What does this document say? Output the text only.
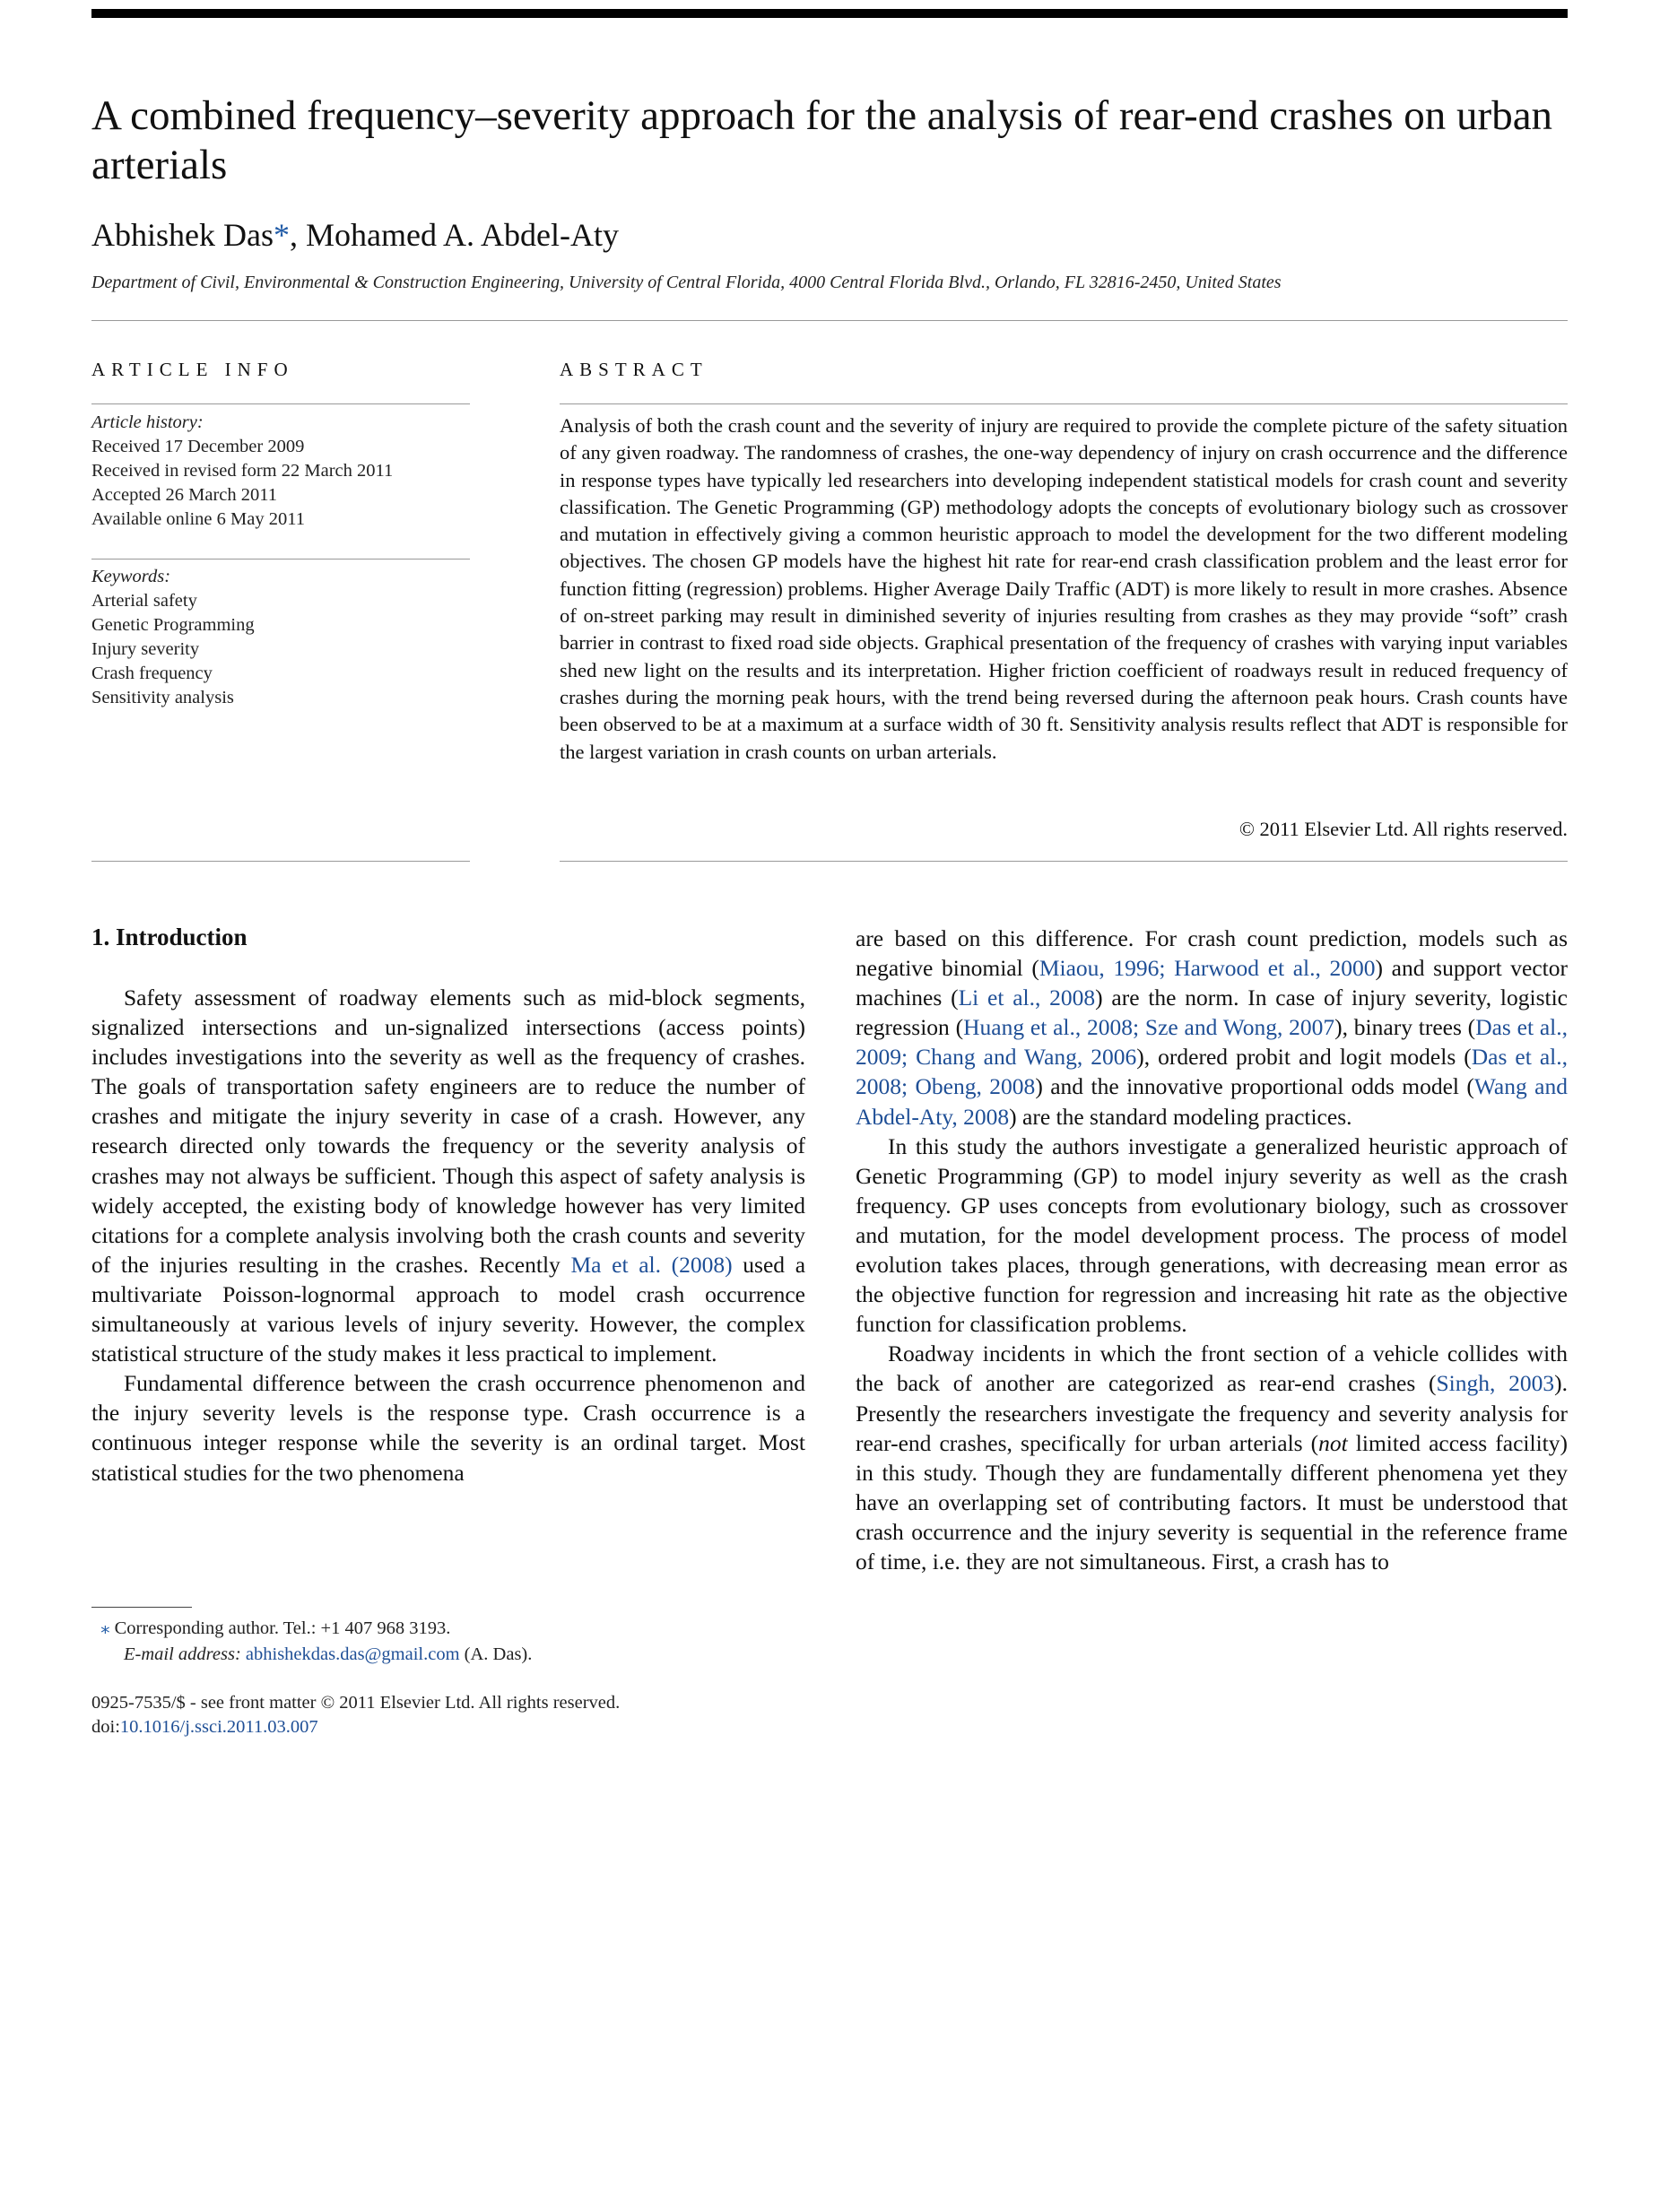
A combined frequency–severity approach for the analysis of rear-end crashes on urban arterials
Abhishek Das*, Mohamed A. Abdel-Aty
Department of Civil, Environmental & Construction Engineering, University of Central Florida, 4000 Central Florida Blvd., Orlando, FL 32816-2450, United States
ARTICLE INFO
Article history:
Received 17 December 2009
Received in revised form 22 March 2011
Accepted 26 March 2011
Available online 6 May 2011
Keywords:
Arterial safety
Genetic Programming
Injury severity
Crash frequency
Sensitivity analysis
ABSTRACT
Analysis of both the crash count and the severity of injury are required to provide the complete picture of the safety situation of any given roadway. The randomness of crashes, the one-way dependency of injury on crash occurrence and the difference in response types have typically led researchers into developing independent statistical models for crash count and severity classification. The Genetic Programming (GP) methodology adopts the concepts of evolutionary biology such as crossover and mutation in effectively giving a common heuristic approach to model the development for the two different modeling objectives. The chosen GP models have the highest hit rate for rear-end crash classification problem and the least error for function fitting (regression) problems. Higher Average Daily Traffic (ADT) is more likely to result in more crashes. Absence of on-street parking may result in diminished severity of injuries resulting from crashes as they may provide “soft” crash barrier in contrast to fixed road side objects. Graphical presentation of the frequency of crashes with varying input variables shed new light on the results and its interpretation. Higher friction coefficient of roadways result in reduced frequency of crashes during the morning peak hours, with the trend being reversed during the afternoon peak hours. Crash counts have been observed to be at a maximum at a surface width of 30 ft. Sensitivity analysis results reflect that ADT is responsible for the largest variation in crash counts on urban arterials.
© 2011 Elsevier Ltd. All rights reserved.
1. Introduction

Safety assessment of roadway elements such as mid-block segments, signalized intersections and un-signalized intersections (access points) includes investigations into the severity as well as the frequency of crashes. The goals of transportation safety engineers are to reduce the number of crashes and mitigate the injury severity in case of a crash. However, any research directed only towards the frequency or the severity analysis of crashes may not always be sufficient. Though this aspect of safety analysis is widely accepted, the existing body of knowledge however has very limited citations for a complete analysis involving both the crash counts and severity of the injuries resulting in the crashes. Recently Ma et al. (2008) used a multivariate Poisson-lognormal approach to model crash occurrence simultaneously at various levels of injury severity. However, the complex statistical structure of the study makes it less practical to implement.

Fundamental difference between the crash occurrence phenomenon and the injury severity levels is the response type. Crash occurrence is a continuous integer response while the severity is an ordinal target. Most statistical studies for the two phenomena

are based on this difference. For crash count prediction, models such as negative binomial (Miaou, 1996; Harwood et al., 2000) and support vector machines (Li et al., 2008) are the norm. In case of injury severity, logistic regression (Huang et al., 2008; Sze and Wong, 2007), binary trees (Das et al., 2009; Chang and Wang, 2006), ordered probit and logit models (Das et al., 2008; Obeng, 2008) and the innovative proportional odds model (Wang and Abdel-Aty, 2008) are the standard modeling practices.

In this study the authors investigate a generalized heuristic approach of Genetic Programming (GP) to model injury severity as well as the crash frequency. GP uses concepts from evolutionary biology, such as crossover and mutation, for the model development process. The process of model evolution takes places, through generations, with decreasing mean error as the objective function for regression and increasing hit rate as the objective function for classification problems.

Roadway incidents in which the front section of a vehicle collides with the back of another are categorized as rear-end crashes (Singh, 2003). Presently the researchers investigate the frequency and severity analysis for rear-end crashes, specifically for urban arterials (not limited access facility) in this study. Though they are fundamentally different phenomena yet they have an overlapping set of contributing factors. It must be understood that crash occurrence and the injury severity is sequential in the reference frame of time, i.e. they are not simultaneous. First, a crash has to

⁎ Corresponding author. Tel.: +1 407 968 3193.
E-mail address: abhishekdas.das@gmail.com (A. Das).
0925-7535/$ - see front matter © 2011 Elsevier Ltd. All rights reserved.
doi:10.1016/j.ssci.2011.03.007
